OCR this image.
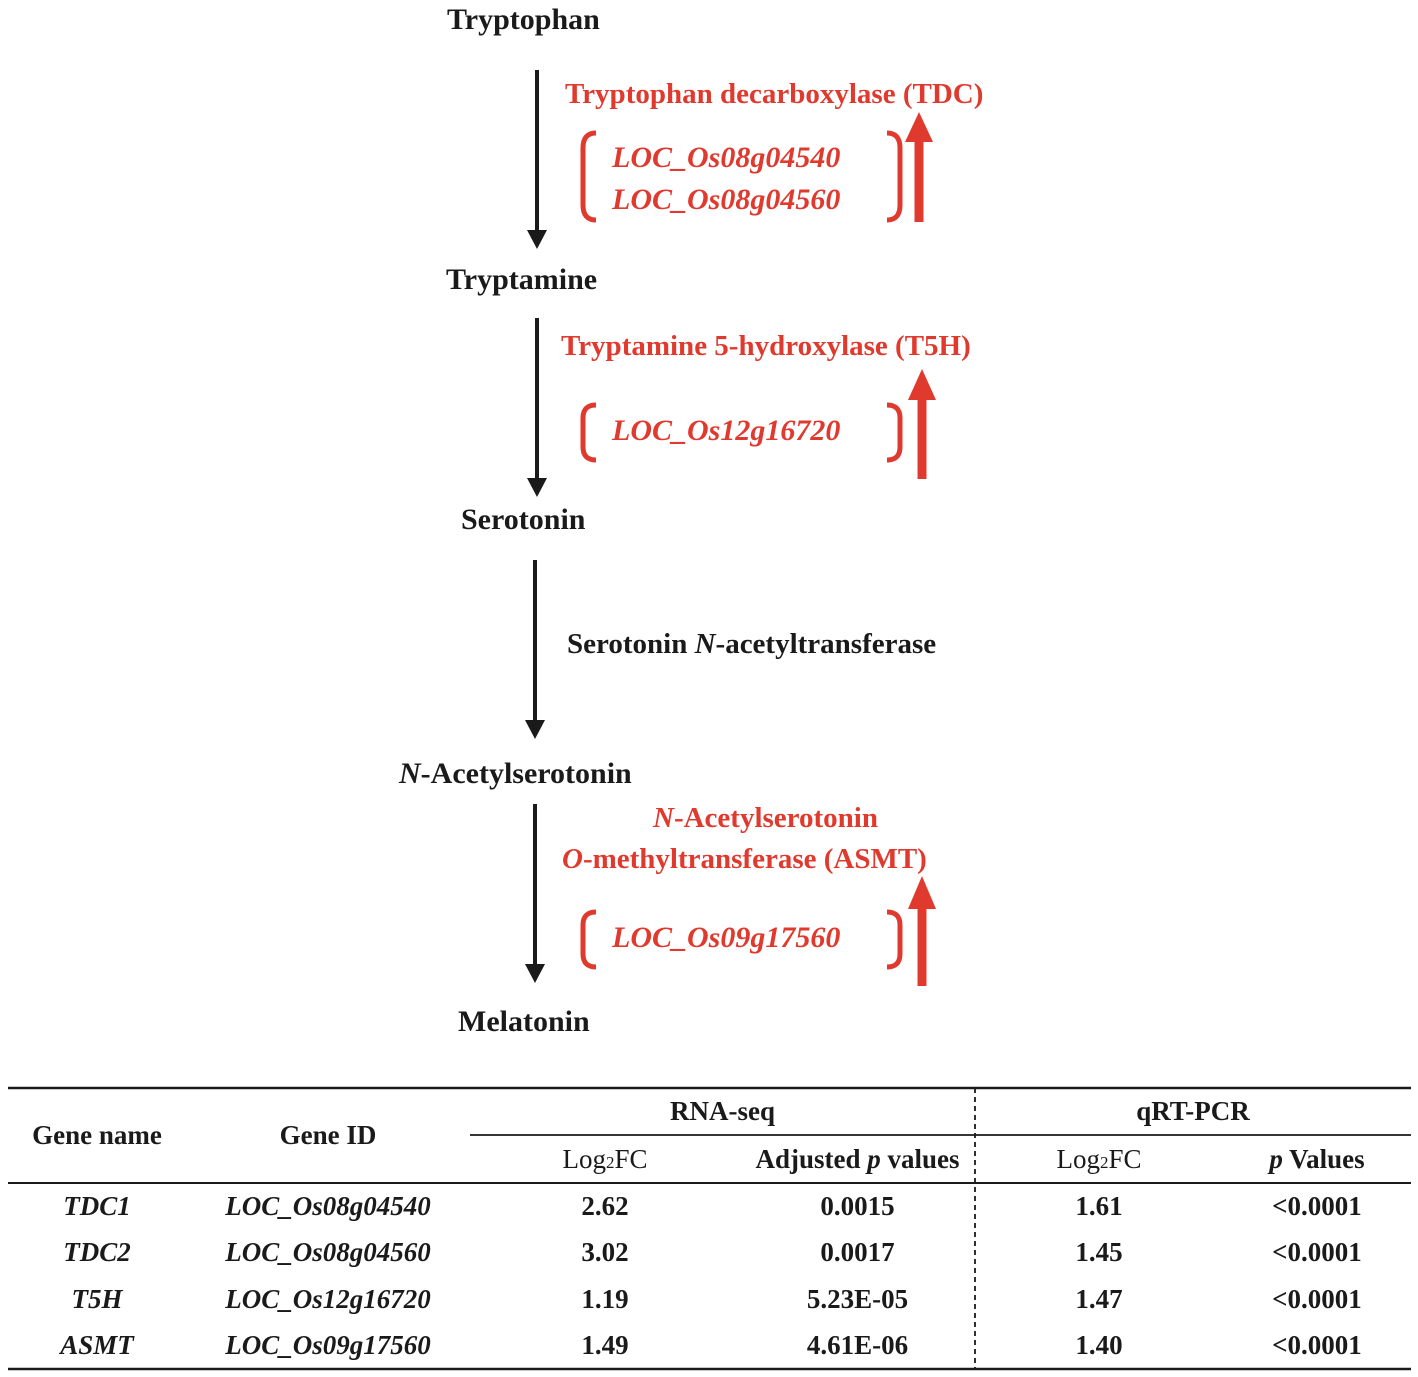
Tryptophan
Tryptamine
Serotonin
N-Acetylserotonin
Melatonin
Tryptophan decarboxylase (TDC)
Tryptamine 5-hydroxylase (T5H)
Serotonin N-acetyltransferase
N-Acetylserotonin
O-methyltransferase (ASMT)
LOC_Os08g04540
LOC_Os08g04560
LOC_Os12g16720
LOC_Os09g17560
Gene name	Gene ID	RNA-seq		qRT-PCR	
		Log2FC	Adjusted p values	Log2FC	p Values
TDC1	LOC_Os08g04540	2.62	0.0015	1.61	<0.0001
TDC2	LOC_Os08g04560	3.02	0.0017	1.45	<0.0001
T5H	LOC_Os12g16720	1.19	5.23E-05	1.47	<0.0001
ASMT	LOC_Os09g17560	1.49	4.61E-06	1.40	<0.0001
